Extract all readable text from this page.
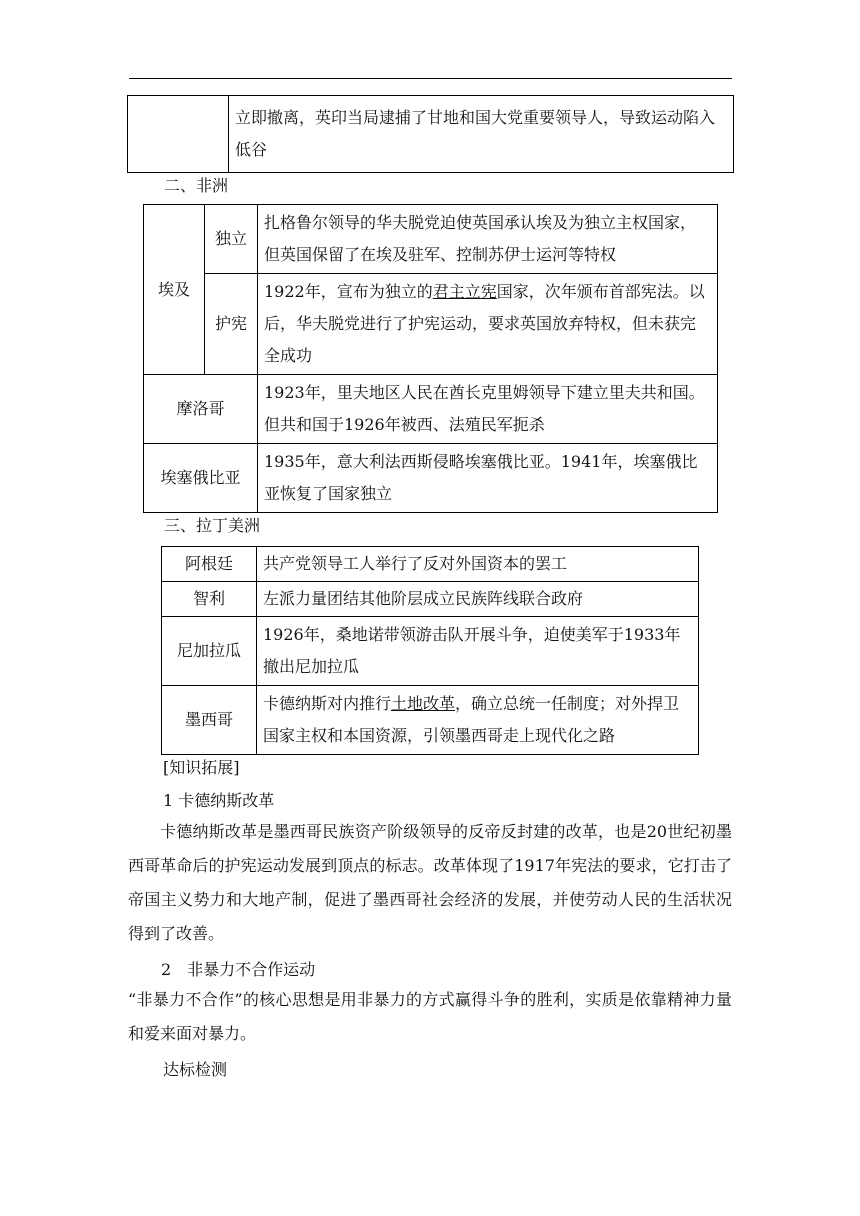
	立即撤离，英印当局逮捕了甘地和国大党重要领导人，导致运动陷入低谷
二、非洲
埃及	独立	扎格鲁尔领导的华夫脱党迫使英国承认埃及为独立主权国家，但英国保留了在埃及驻军、控制苏伊士运河等特权
	护宪	1922年，宣布为独立的君主立宪国家，次年颁布首部宪法。以后，华夫脱党进行了护宪运动，要求英国放弃特权，但未获完全成功
摩洛哥		1923年，里夫地区人民在酋长克里姆领导下建立里夫共和国。但共和国于1926年被西、法殖民军扼杀
埃塞俄比亚		1935年，意大利法西斯侵略埃塞俄比亚。1941年，埃塞俄比亚恢复了国家独立
三、拉丁美洲
阿根廷	共产党领导工人举行了反对外国资本的罢工
智利	左派力量团结其他阶层成立民族阵线联合政府
尼加拉瓜	1926年，桑地诺带领游击队开展斗争，迫使美军于1933年撤出尼加拉瓜
墨西哥	卡德纳斯对内推行土地改革，确立总统一任制度；对外捍卫国家主权和本国资源，引领墨西哥走上现代化之路
[知识拓展]
1 卡德纳斯改革
卡德纳斯改革是墨西哥民族资产阶级领导的反帝反封建的改革，也是20世纪初墨西哥革命后的护宪运动发展到顶点的标志。改革体现了1917年宪法的要求，它打击了帝国主义势力和大地产制，促进了墨西哥社会经济的发展，并使劳动人民的生活状况得到了改善。
2　非暴力不合作运动
“非暴力不合作”的核心思想是用非暴力的方式赢得斗争的胜利，实质是依靠精神力量和爱来面对暴力。
达标检测
